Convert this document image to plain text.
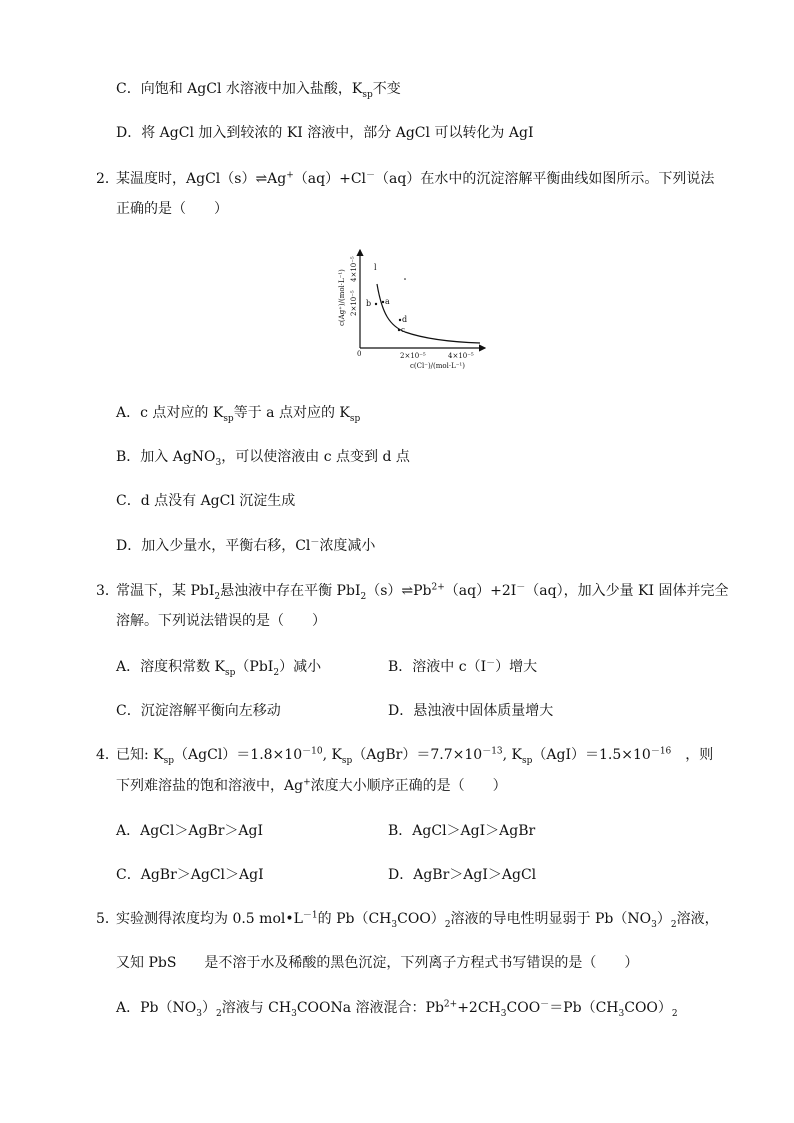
C．向饱和 AgCl 水溶液中加入盐酸，$K_{sp}$不变
D．将 AgCl 加入到较浓的 KI 溶液中，部分 AgCl 可以转化为 AgI
2．
某温度时，AgCl（s）⇌Ag+（aq）+Cl－（aq）在水中的沉淀溶解平衡曲线如图所示。下列说法
正确的是（　　）
c(Ag⁺)/(mol·L⁻¹) 2×10⁻⁵
4×10⁻⁵
0	2×10⁻⁵	4×10⁻⁵
c(Cl⁻)/(mol·L⁻¹)
l
b a
d
c
A．c 点对应的 $K_{sp}$等于 a 点对应的 $K_{sp}$
B．加入 AgNO$_3$，可以使溶液由 c 点变到 d 点
C．d 点没有 AgCl 沉淀生成
D．加入少量水，平衡右移，Cl－浓度减小
3．
常温下，某 PbI$_2$悬浊液中存在平衡 $PbI_2(s)\rightleftharpoons Pb^{2+}(aq)+2I^-(aq)$，加入少量 KI 固体并完全
溶解。下列说法错误的是（　　）
A．溶度积常数 $K_{sp}(PbI_2)$减小	B．溶液中 c（I－）增大
C．沉淀溶解平衡向左移动	D．悬浊液中固体质量增大
4．
已知: $K_{sp}(AgCl)=1.8\times 10^{-10}$, $K_{sp}(AgBr)=7.7\times 10^{-13}$, $K_{sp}(AgI)=1.5\times 10^{-16}$　，则
下列难溶盐的饱和溶液中，Ag+浓度大小顺序正确的是（　　）
A．AgCl＞AgBr＞AgI	B．AgCl＞AgI＞AgBr
C．AgBr＞AgCl＞AgI	D．AgBr＞AgI＞AgCl
5．
实验测得浓度均为 0.5 $mol•L^{-1}$的 $Pb(CH_3COO)_2$溶液的导电性明显弱于 $Pb(NO_3)_2$溶液，
又知 PbS　　是不溶于水及稀酸的黑色沉淀，下列离子方程式书写错误的是（　　）
A．$Pb(NO_3)_2$溶液与 $CH_3COONa$ 溶液混合：$Pb^{2+}+2CH_3COO^-=Pb(CH_3COO)_2$
